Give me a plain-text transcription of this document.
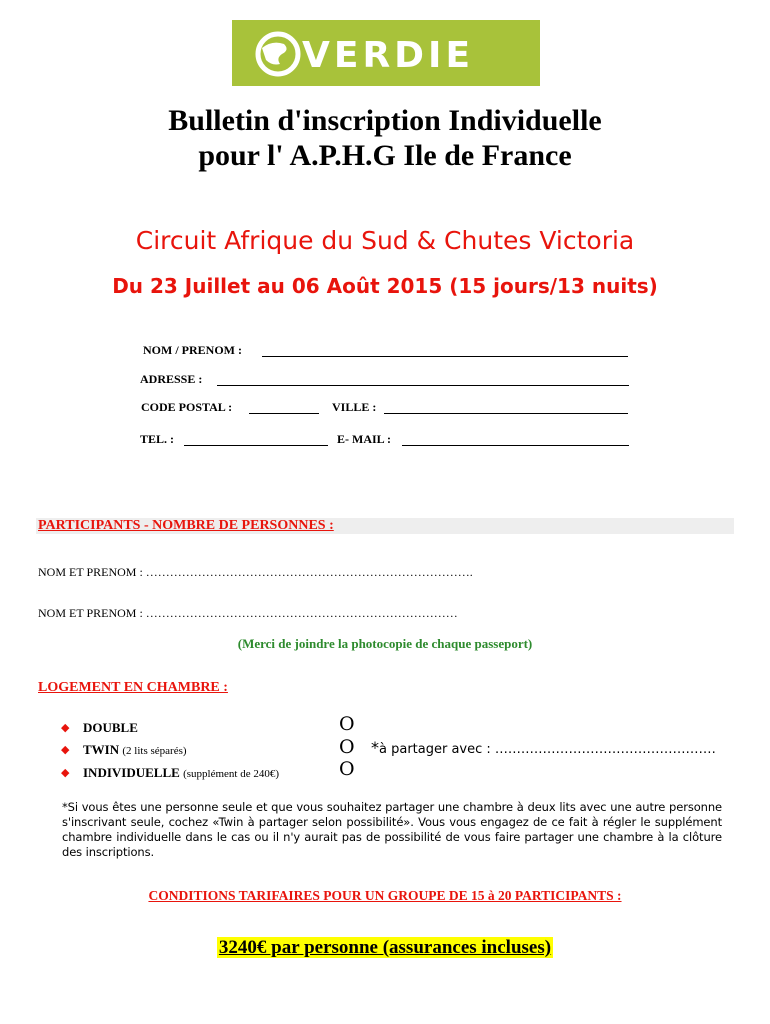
VERDIE
Bulletin d'inscription Individuelle
pour l' A.P.H.G Ile de France
Circuit Afrique du Sud & Chutes Victoria
Du 23 Juillet au 06 Août 2015 (15 jours/13 nuits)
NOM / PRENOM :
ADRESSE :
CODE POSTAL :	VILLE :
TEL. :	E- MAIL :
PARTICIPANTS - NOMBRE DE PERSONNES :
NOM ET PRENOM : ……………………………………………………………………….
NOM ET PRENOM : ……………………………………………………………………
(Merci de joindre la photocopie de chaque passeport)
LOGEMENT EN CHAMBRE :
◆ DOUBLE	O
◆ TWIN (2 lits séparés)	O *à partager avec : ……………………………………………
◆ INDIVIDUELLE (supplément de 240€)	O
*Si vous êtes une personne seule et que vous souhaitez partager une chambre à deux lits avec une autre personne s'inscrivant seule, cochez «Twin à partager selon possibilité». Vous vous engagez de ce fait à régler le supplément chambre individuelle dans le cas ou il n'y aurait pas de possibilité de vous faire partager une chambre à la clôture des inscriptions.
CONDITIONS TARIFAIRES POUR UN GROUPE DE 15 à 20 PARTICIPANTS :
3240€ par personne (assurances incluses)
